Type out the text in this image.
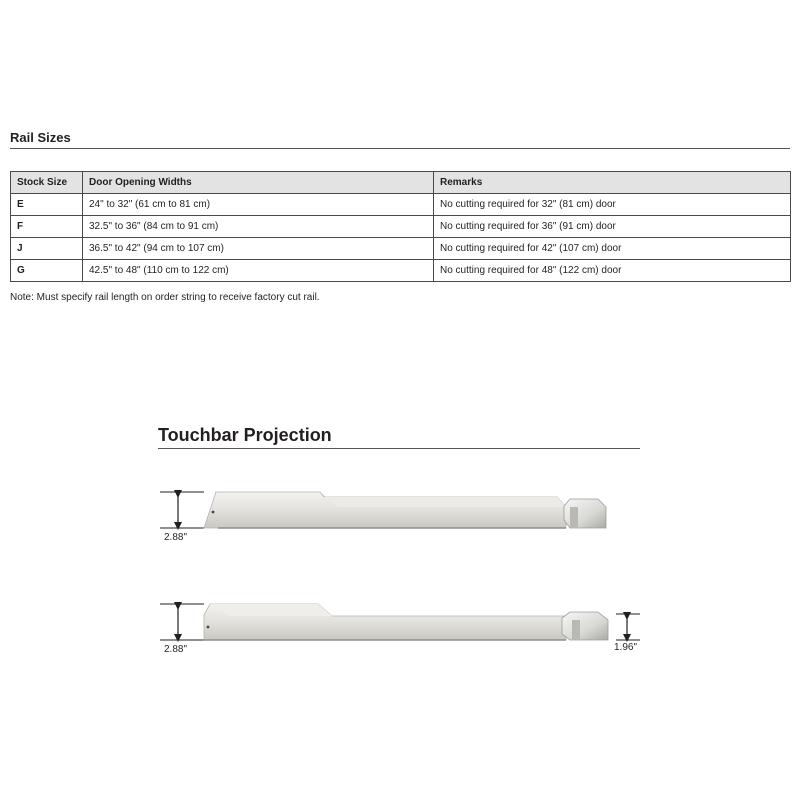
Rail Sizes
Stock Size	Door Opening Widths	Remarks
E	24" to 32" (61 cm to 81 cm)	No cutting required for 32" (81 cm) door
F	32.5" to 36" (84 cm to 91 cm)	No cutting required for 36" (91 cm) door
J	36.5" to 42" (94 cm to 107 cm)	No cutting required for 42" (107 cm) door
G	42.5" to 48" (110 cm to 122 cm)	No cutting required for 48" (122 cm) door
Note: Must specify rail length on order string to receive factory cut rail.
Touchbar Projection
2.88"
2.88"	1.96"
